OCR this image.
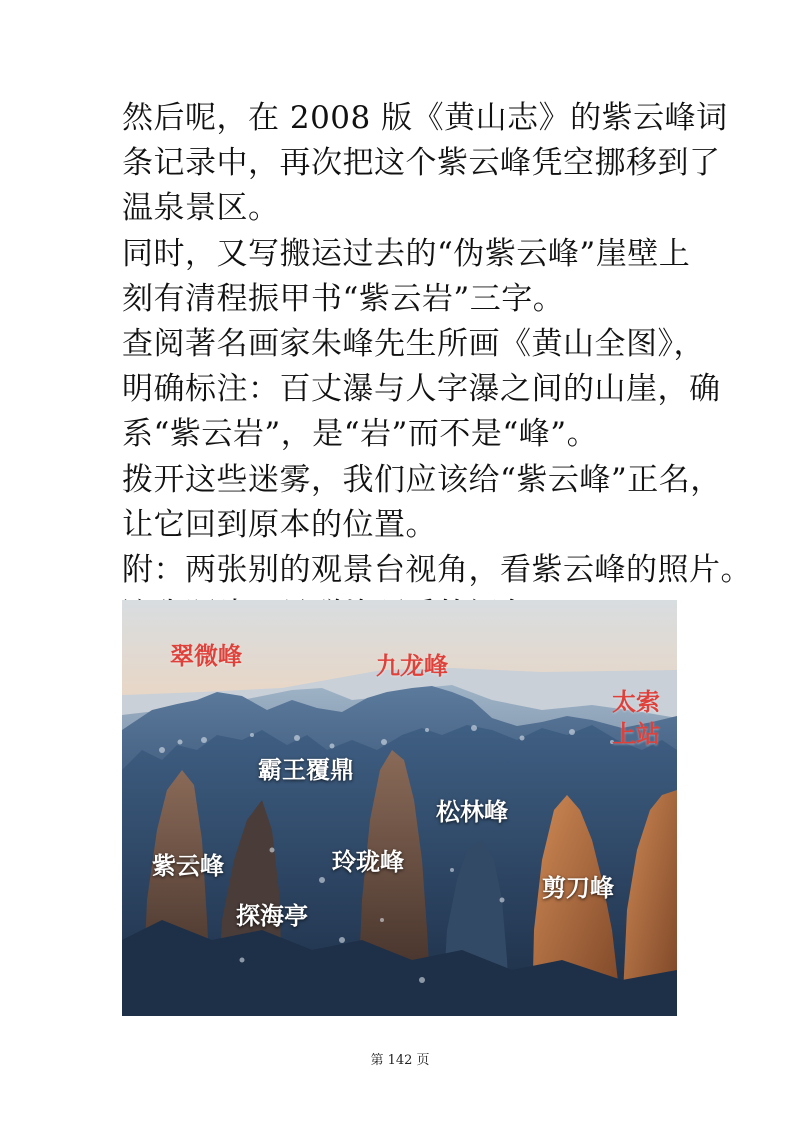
然后呢，在 2008 版《黄山志》的紫云峰词
条记录中，再次把这个紫云峰凭空挪移到了
温泉景区。
同时，又写搬运过去的“伪紫云峰”崖壁上
刻有清程振甲书“紫云岩”三字。
查阅著名画家朱峰先生所画《黄山全图》，
明确标注：百丈瀑与人字瀑之间的山崖，确
系“紫云岩”，是“岩”而不是“峰”。
拨开这些迷雾，我们应该给“紫云峰”正名，
让它回到原本的位置。
附：两张别的观景台视角，看紫云峰的照片。
翠微峰	九龙峰
太索
上站
霸王覆鼎
松林峰
紫云峰	玲珑峰
剪刀峰
探海亭
第 142 页
